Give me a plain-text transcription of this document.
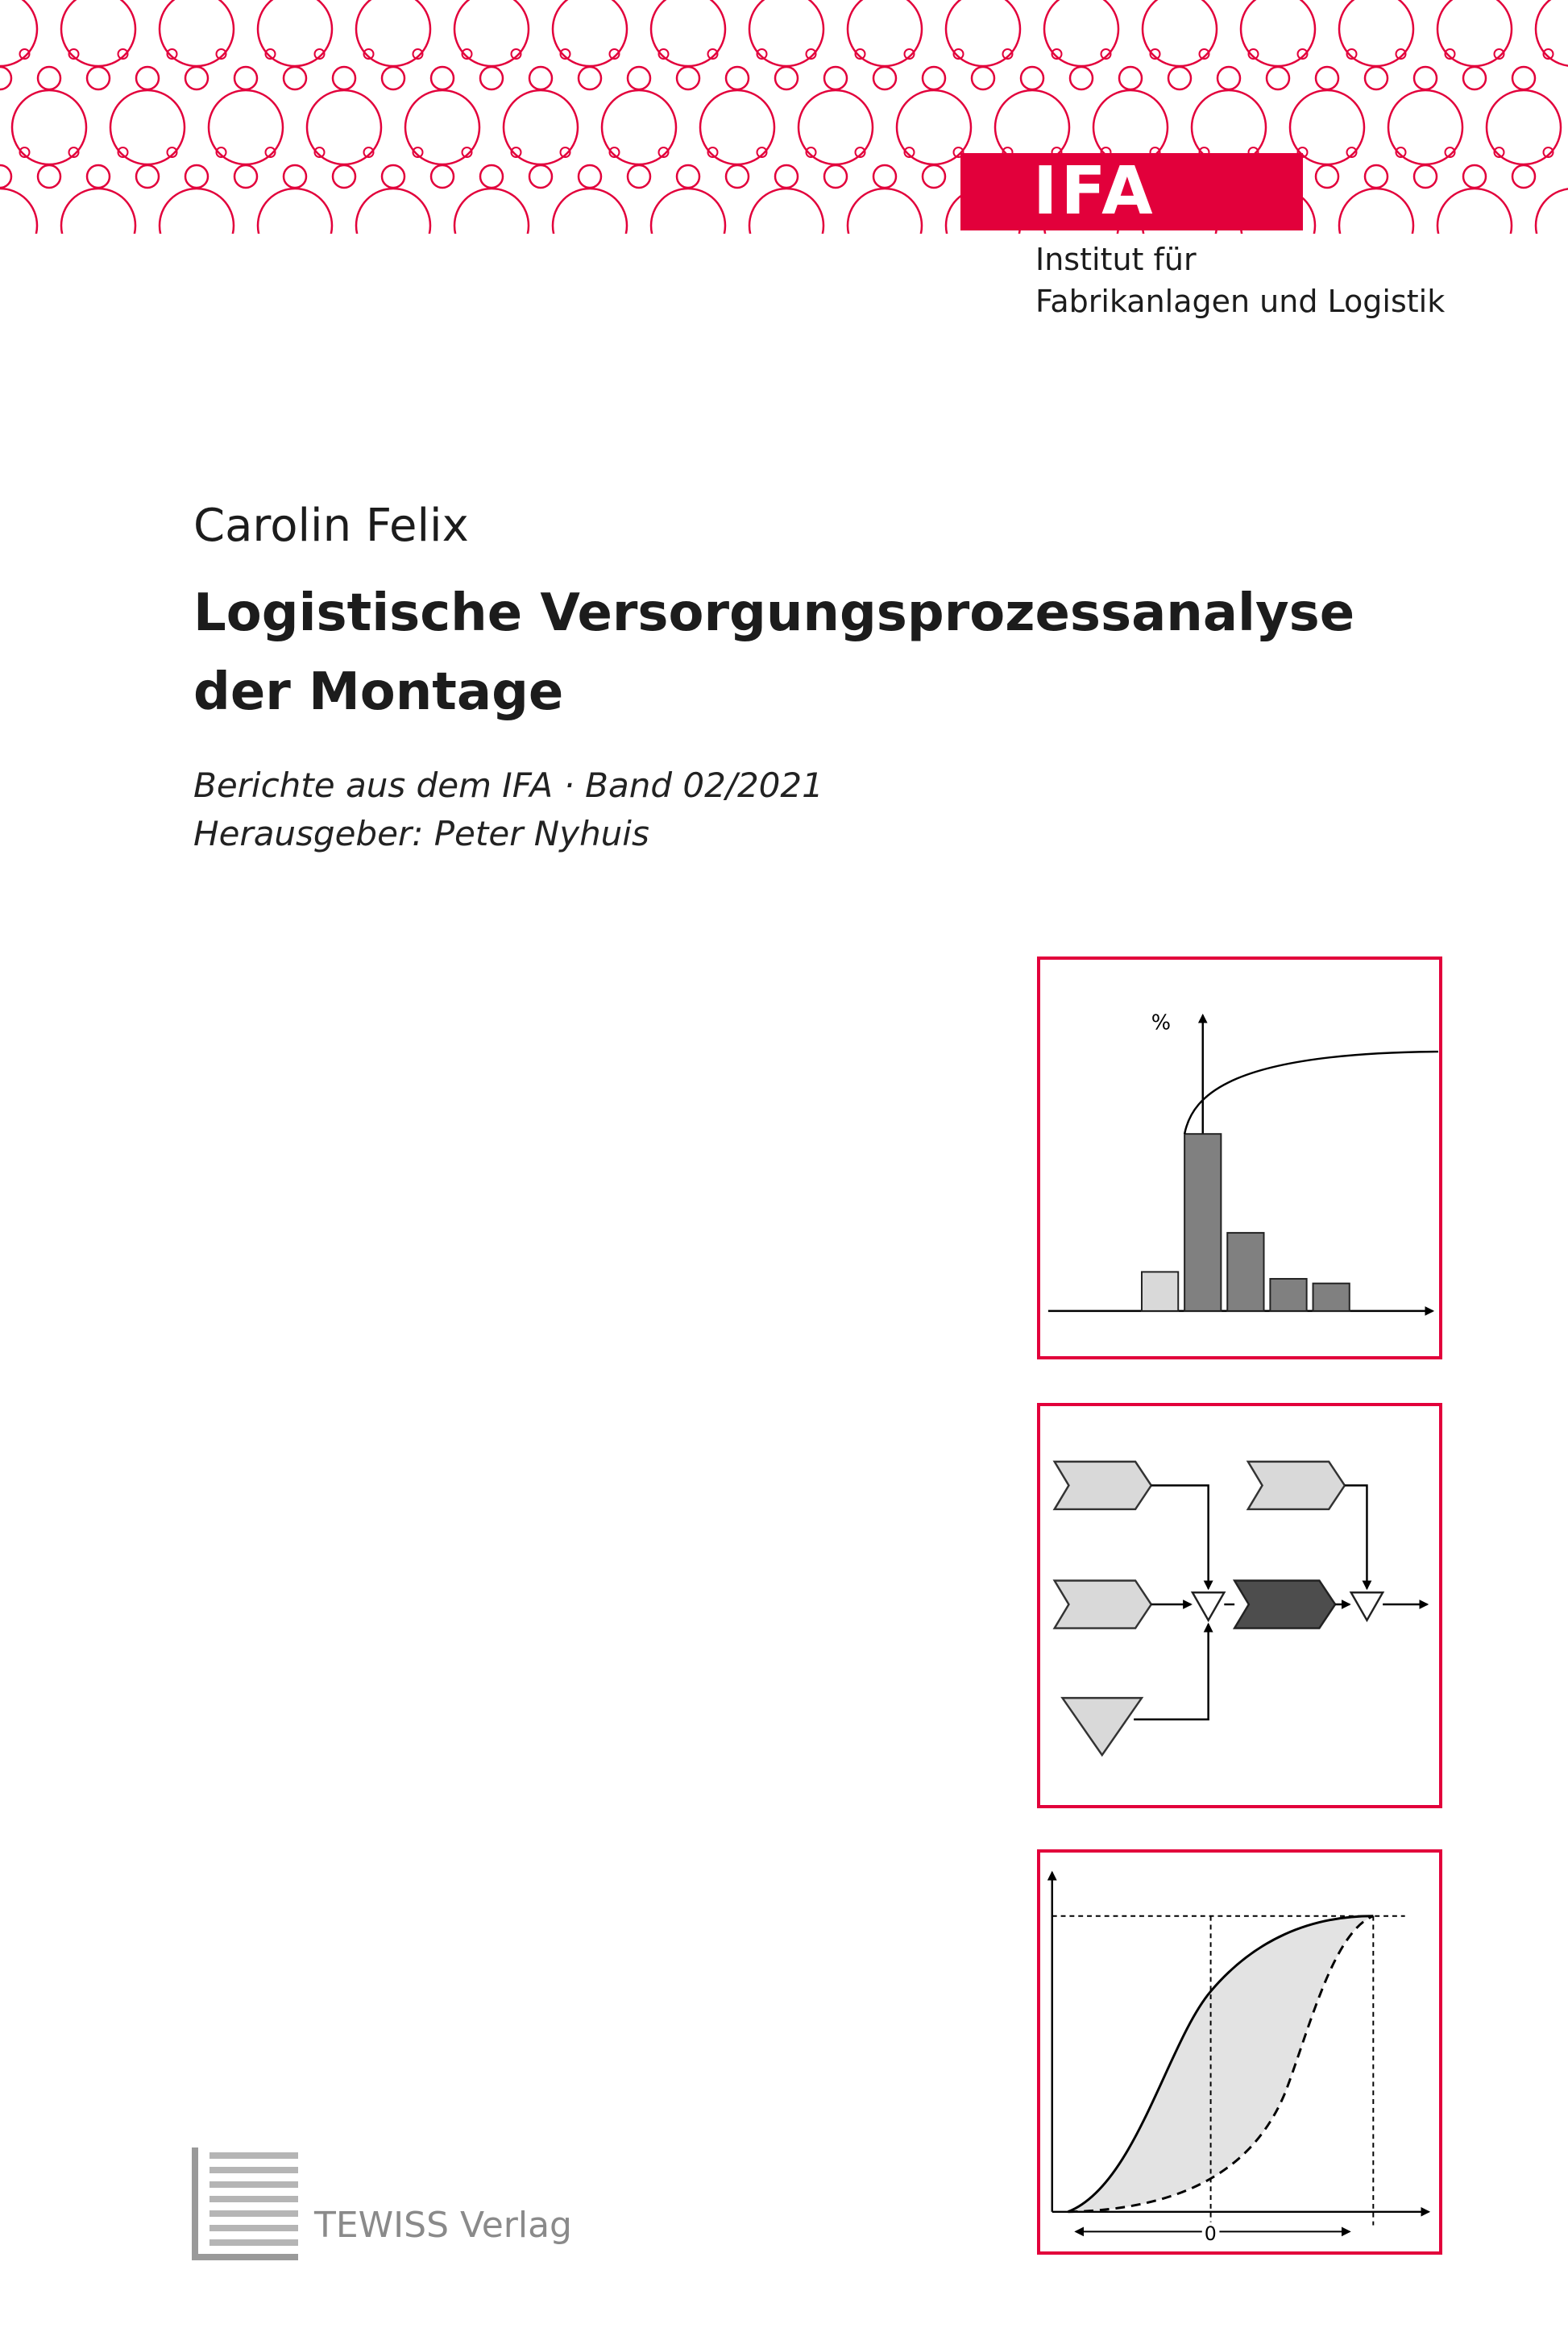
IFA
Institut für
Fabrikanlagen und Logistik
Carolin Felix
Logistische Versorgungsprozessanalyse
der Montage
Berichte aus dem IFA · Band 02/2021
Herausgeber: Peter Nyhuis
%
0
TEWISS Verlag
